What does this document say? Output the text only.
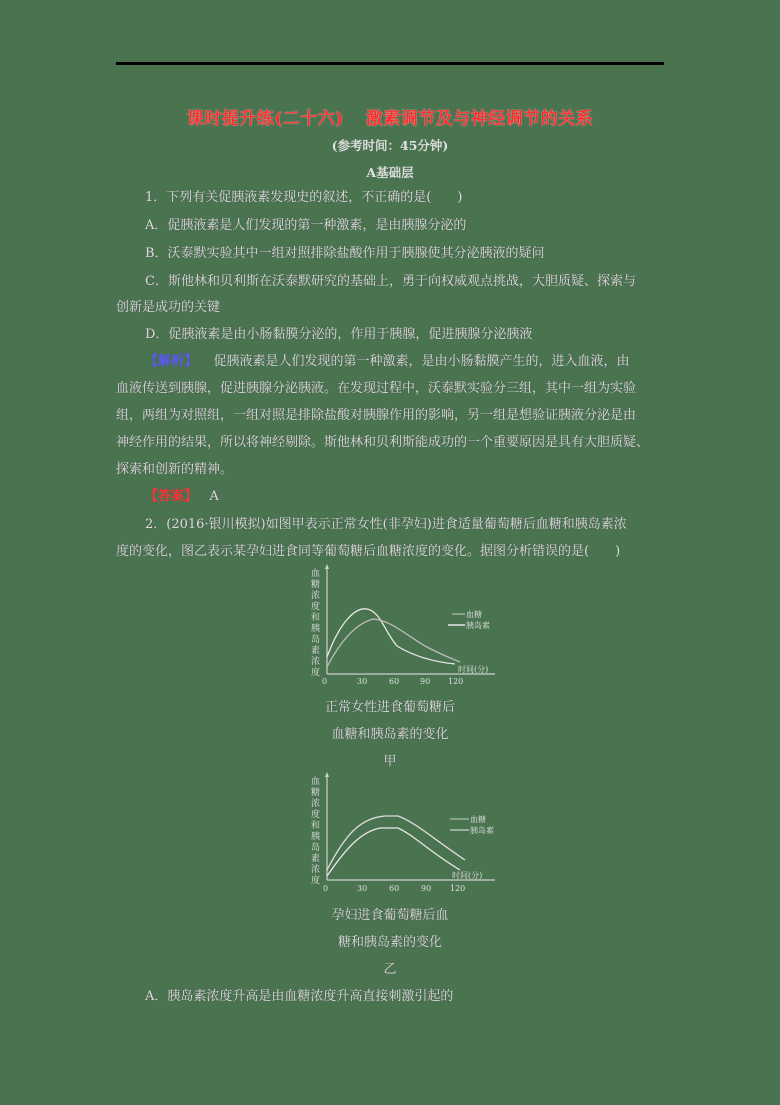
课时提升练(二十六) 激素调节及与神经调节的关系
(参考时间：45分钟)
A基础层
1．下列有关促胰液素发现史的叙述，不正确的是(　　)
A．促胰液素是人们发现的第一种激素，是由胰腺分泌的
B．沃泰默实验其中一组对照排除盐酸作用于胰腺使其分泌胰液的疑问
C．斯他林和贝利斯在沃泰默研究的基础上，勇于向权威观点挑战，大胆质疑、探索与
创新是成功的关键
D．促胰液素是由小肠黏膜分泌的，作用于胰腺，促进胰腺分泌胰液
【解析】 促胰液素是人们发现的第一种激素，是由小肠黏膜产生的，进入血液，由
血液传送到胰腺，促进胰腺分泌胰液。在发现过程中，沃泰默实验分三组，其中一组为实验
组，两组为对照组，一组对照是排除盐酸对胰腺作用的影响，另一组是想验证胰液分泌是由
神经作用的结果，所以将神经剔除。斯他林和贝利斯能成功的一个重要原因是具有大胆质疑、
探索和创新的精神。
【答案】 A
2．(2016·银川模拟)如图甲表示正常女性(非孕妇)进食适量葡萄糖后血糖和胰岛素浓
度的变化，图乙表示某孕妇进食同等葡萄糖后血糖浓度的变化。据图分析错误的是(　　)
血
糖
浓
度
和
胰
岛
素
浓
度
血糖
胰岛素
时间(分)
0	30	60	90 120
正常女性进食葡萄糖后
血糖和胰岛素的变化
甲
血
糖
浓
度
和
胰
岛
素
浓
度
血糖
胰岛素
时间(分)
0	30	60	90 120
孕妇进食葡萄糖后血
糖和胰岛素的变化
乙
A．胰岛素浓度升高是由血糖浓度升高直接刺激引起的
